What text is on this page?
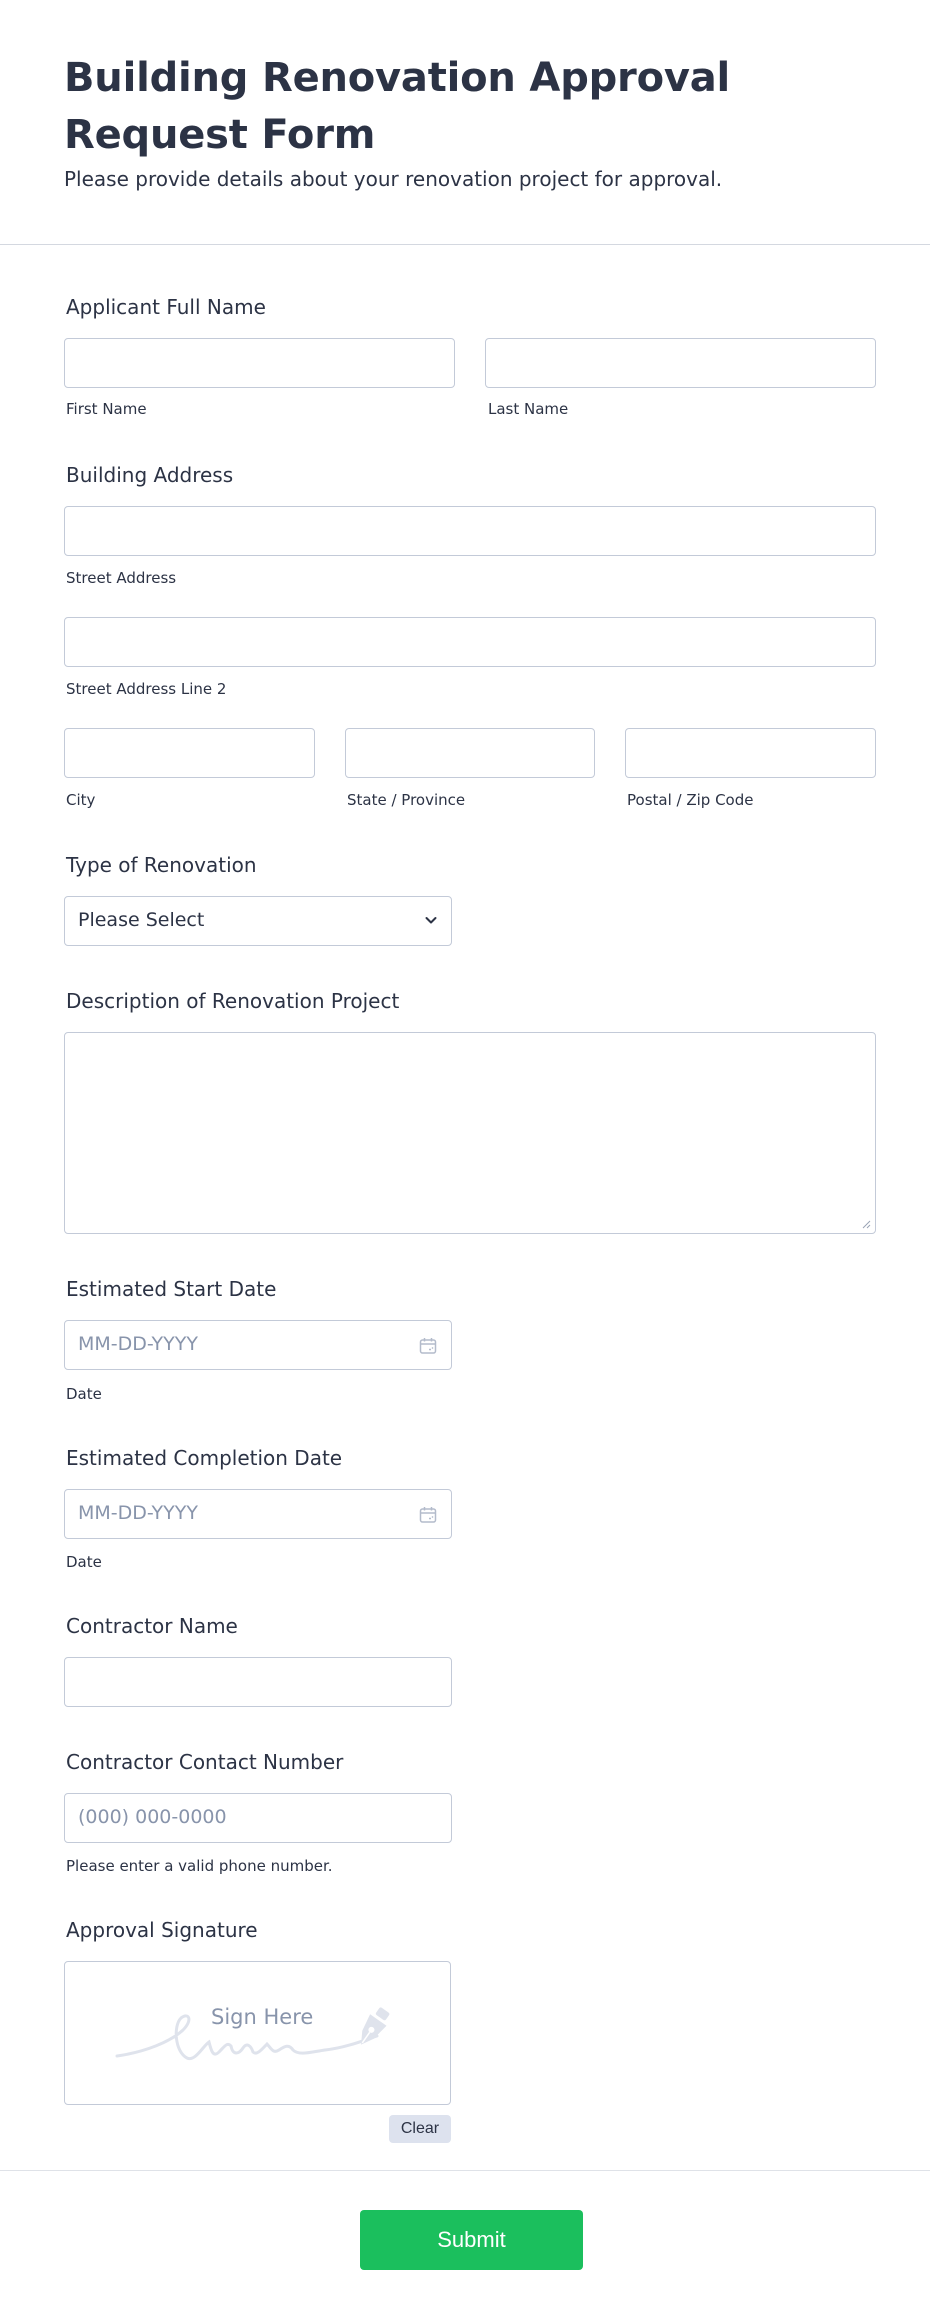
Building Renovation Approval Request Form
Please provide details about your renovation project for approval.
Applicant Full Name
First Name	Last Name
Building Address
Street Address
Street Address Line 2
City	State / Province	Postal / Zip Code
Type of Renovation
Please Select
Description of Renovation Project
Estimated Start Date
MM-DD-YYYY
Date
Estimated Completion Date
MM-DD-YYYY
Date
Contractor Name
Contractor Contact Number
(000) 000-0000
Please enter a valid phone number.
Approval Signature
Sign Here
Clear
Submit
